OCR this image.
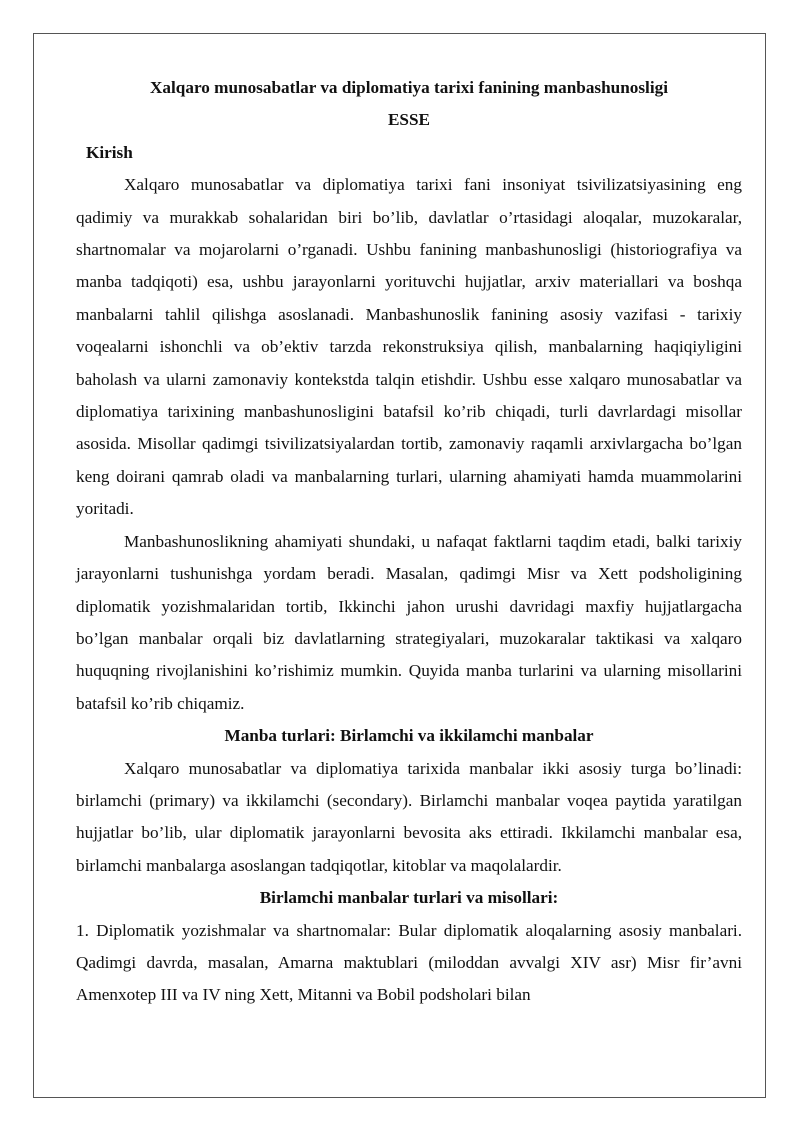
Xalqaro munosabatlar va diplomatiya tarixi fanining manbashunosligi

ESSE

Kirish

Xalqaro munosabatlar va diplomatiya tarixi fani insoniyat tsivilizatsiyasining eng qadimiy va murakkab sohalaridan biri bo’lib, davlatlar o’rtasidagi aloqalar, muzokaralar, shartnomalar va mojarolarni o’rganadi. Ushbu fanining manbashunosligi (historiografiya va manba tadqiqoti) esa, ushbu jarayonlarni yorituvchi hujjatlar, arxiv materiallari va boshqa manbalarni tahlil qilishga asoslanadi. Manbashunoslik fanining asosiy vazifasi - tarixiy voqealarni ishonchli va ob’ektiv tarzda rekonstruksiya qilish, manbalarning haqiqiyligini baholash va ularni zamonaviy kontekstda talqin etishdir. Ushbu esse xalqaro munosabatlar va diplomatiya tarixining manbashunosligini batafsil ko’rib chiqadi, turli davrlardagi misollar asosida. Misollar qadimgi tsivilizatsiyalardan tortib, zamonaviy raqamli arxivlargacha bo’lgan keng doirani qamrab oladi va manbalarning turlari, ularning ahamiyati hamda muammolarini yoritadi.

Manbashunoslikning ahamiyati shundaki, u nafaqat faktlarni taqdim etadi, balki tarixiy jarayonlarni tushunishga yordam beradi. Masalan, qadimgi Misr va Xett podsholigining diplomatik yozishmalaridan tortib, Ikkinchi jahon urushi davridagi maxfiy hujjatlargacha bo’lgan manbalar orqali biz davlatlarning strategiyalari, muzokaralar taktikasi va xalqaro huquqning rivojlanishini ko’rishimiz mumkin. Quyida manba turlarini va ularning misollarini batafsil ko’rib chiqamiz.

Manba turlari: Birlamchi va ikkilamchi manbalar

Xalqaro munosabatlar va diplomatiya tarixida manbalar ikki asosiy turga bo’linadi: birlamchi (primary) va ikkilamchi (secondary). Birlamchi manbalar voqea paytida yaratilgan hujjatlar bo’lib, ular diplomatik jarayonlarni bevosita aks ettiradi. Ikkilamchi manbalar esa, birlamchi manbalarga asoslangan tadqiqotlar, kitoblar va maqolalardir.

Birlamchi manbalar turlari va misollari:

1. Diplomatik yozishmalar va shartnomalar: Bular diplomatik aloqalarning asosiy manbalari. Qadimgi davrda, masalan, Amarna maktublari (miloddan avvalgi XIV asr) Misr fir’avni Amenxotep III va IV ning Xett, Mitanni va Bobil podsholari bilan
